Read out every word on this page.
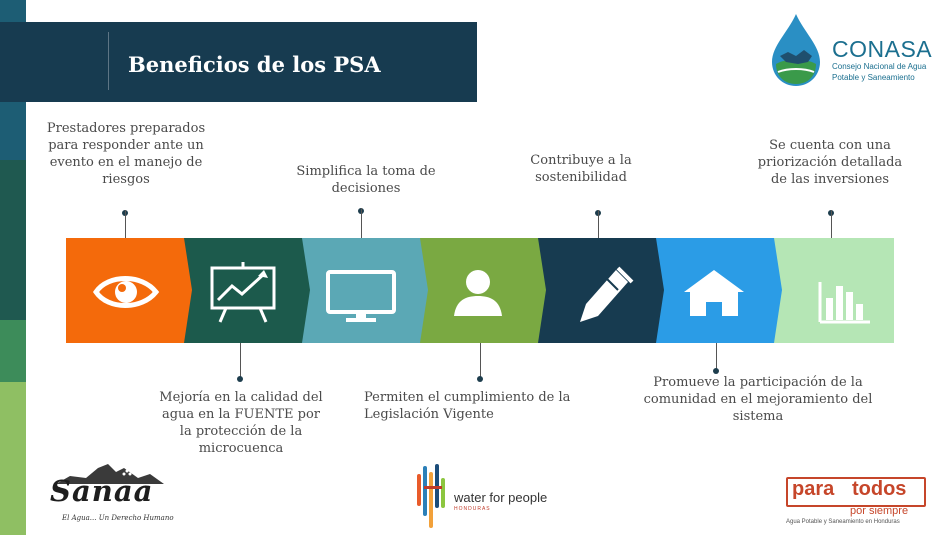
Beneficios de los PSA
CONASA
Consejo Nacional de Agua
Potable y Saneamiento
Prestadores preparados para responder ante un evento en el manejo de riesgos
Mejoría en la calidad del agua en la FUENTE por la protección de la microcuenca
Simplifica la toma de decisiones
Permiten el cumplimiento de la Legislación Vigente
Contribuye a la sostenibilidad
Promueve la participación de la comunidad en el mejoramiento del sistema
Se cuenta con una priorización detallada de las inversiones
Sanaa
El Agua... Un Derecho Humano
water for people
HONDURAS
para todos
por siempre
Agua Potable y Saneamiento en Honduras
